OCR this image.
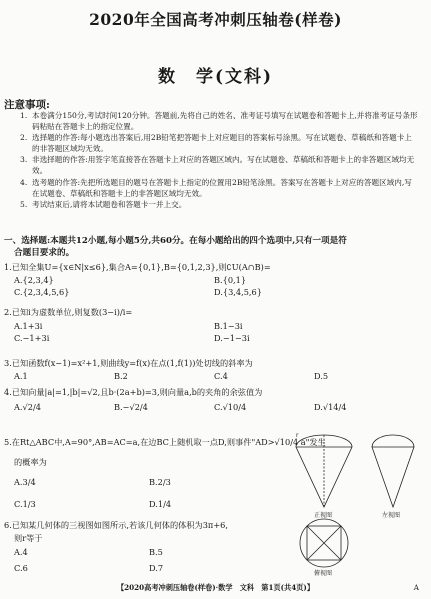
2020年全国高考冲刺压轴卷(样卷)
数　学(文科)
注意事项:
1. 本卷满分150分,考试时间120分钟。答题前,先将自己的姓名、准考证号填写在试题卷和答题卡上,并将准考证号条形码粘贴在答题卡上的指定位置。
2. 选择题的作答:每小题选出答案后,用2B铅笔把答题卡上对应题目的答案标号涂黑。写在试题卷、草稿纸和答题卡上的非答题区域均无效。
3. 非选择题的作答:用签字笔直接答在答题卡上对应的答题区域内。写在试题卷、草稿纸和答题卡上的非答题区域均无效。
4. 选考题的作答:先把所选题目的题号在答题卡上指定的位置用2B铅笔涂黑。答案写在答题卡上对应的答题区域内,写在试题卷、草稿纸和答题卡上的非答题区域均无效。
5. 考试结束后,请将本试题卷和答题卡一并上交。
一、选择题:本题共12小题,每小题5分,共60分。在每小题给出的四个选项中,只有一项是符
合题目要求的。
1.已知全集U={x∈N|x≤6},集合A={0,1},B={0,1,2,3},则∁U(A∩B)=
A.{2,3,4}	B.{0,1}
C.{2,3,4,5,6}	D.{3,4,5,6}
2.已知i为虚数单位,则复数(3−i)/i=
A.1+3i	B.1−3i
C.−1+3i	D.−1−3i
3.已知函数f(x−1)=x²+1,则曲线y=f(x)在点(1,f(1))处切线的斜率为
A.1	B.2	C.4	D.5
4.已知向量|a|=1,|b|=√2,且b·(2a+b)=3,则向量a,b的夹角的余弦值为
A.√2/4	B.−√2/4	C.√10/4	D.√14/4
5.在Rt△ABC中,A=90°,AB=AC=a,在边BC上随机取一点D,则事件"AD>√10/4 a"发生
的概率为
A.3/4	B.2/3
C.1/3	D.1/4
6.已知某几何体的三视图如图所示,若该几何体的体积为3π+6,
则r等于
A.4	B.5
C.6	D.7
r
正视图	左视图
俯视图
【2020高考冲刺压轴卷(样卷)·数学　文科　第1页(共4页)】	A
